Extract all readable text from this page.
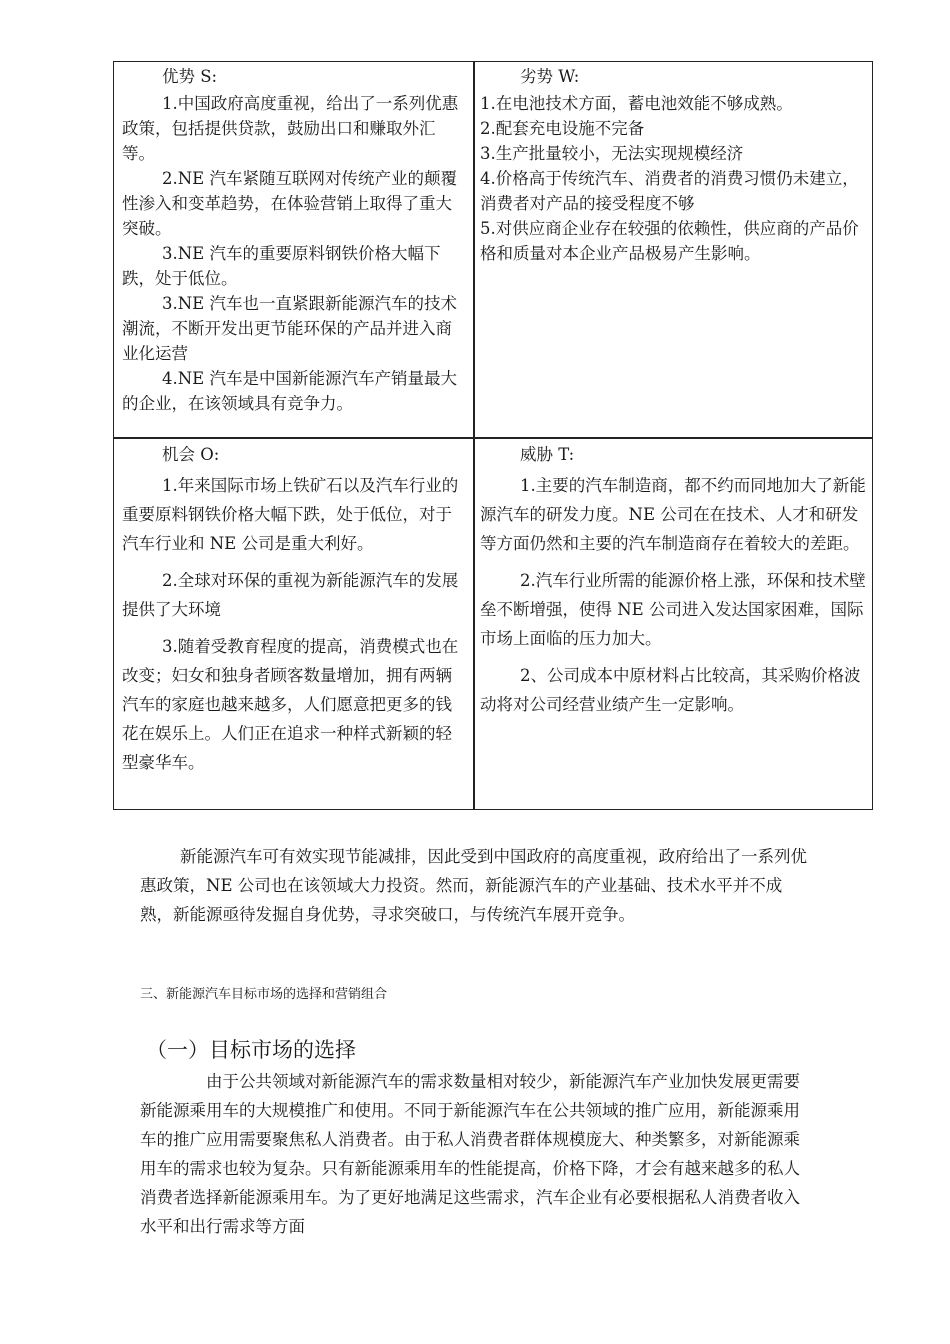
优势 S:

1.中国政府高度重视，给出了一系列优惠政策，包括提供贷款，鼓励出口和赚取外汇等。

2.NE 汽车紧随互联网对传统产业的颠覆性渗入和变革趋势，在体验营销上取得了重大突破。

3.NE 汽车的重要原料钢铁价格大幅下跌，处于低位。

3.NE 汽车也一直紧跟新能源汽车的技术潮流，不断开发出更节能环保的产品并进入商业化运营

4.NE 汽车是中国新能源汽车产销量最大的企业，在该领域具有竞争力。

劣势 W:

1.在电池技术方面，蓄电池效能不够成熟。

2.配套充电设施不完备

3.生产批量较小，无法实现规模经济

4.价格高于传统汽车、消费者的消费习惯仍未建立，消费者对产品的接受程度不够

5.对供应商企业存在较强的依赖性，供应商的产品价格和质量对本企业产品极易产生影响。

机会 O:

1.年来国际市场上铁矿石以及汽车行业的重要原料钢铁价格大幅下跌，处于低位，对于汽车行业和 NE 公司是重大利好。

2.全球对环保的重视为新能源汽车的发展提供了大环境

3.随着受教育程度的提高，消费模式也在改变；妇女和独身者顾客数量增加，拥有两辆汽车的家庭也越来越多，人们愿意把更多的钱花在娱乐上。人们正在追求一种样式新颖的轻型豪华车。

威胁 T:

1.主要的汽车制造商，都不约而同地加大了新能源汽车的研发力度。NE 公司在在技术、人才和研发等方面仍然和主要的汽车制造商存在着较大的差距。

2.汽车行业所需的能源价格上涨，环保和技术壁垒不断增强，使得 NE 公司进入发达国家困难，国际市场上面临的压力加大。

2、公司成本中原材料占比较高，其采购价格波动将对公司经营业绩产生一定影响。

新能源汽车可有效实现节能减排，因此受到中国政府的高度重视，政府给出了一系列优惠政策，NE 公司也在该领域大力投资。然而，新能源汽车的产业基础、技术水平并不成熟，新能源亟待发掘自身优势，寻求突破口，与传统汽车展开竞争。

三、新能源汽车目标市场的选择和营销组合

（一）目标市场的选择

由于公共领域对新能源汽车的需求数量相对较少，新能源汽车产业加快发展更需要新能源乘用车的大规模推广和使用。不同于新能源汽车在公共领域的推广应用，新能源乘用车的推广应用需要聚焦私人消费者。由于私人消费者群体规模庞大、种类繁多，对新能源乘用车的需求也较为复杂。只有新能源乘用车的性能提高，价格下降，才会有越来越多的私人消费者选择新能源乘用车。为了更好地满足这些需求，汽车企业有必要根据私人消费者收入水平和出行需求等方面
